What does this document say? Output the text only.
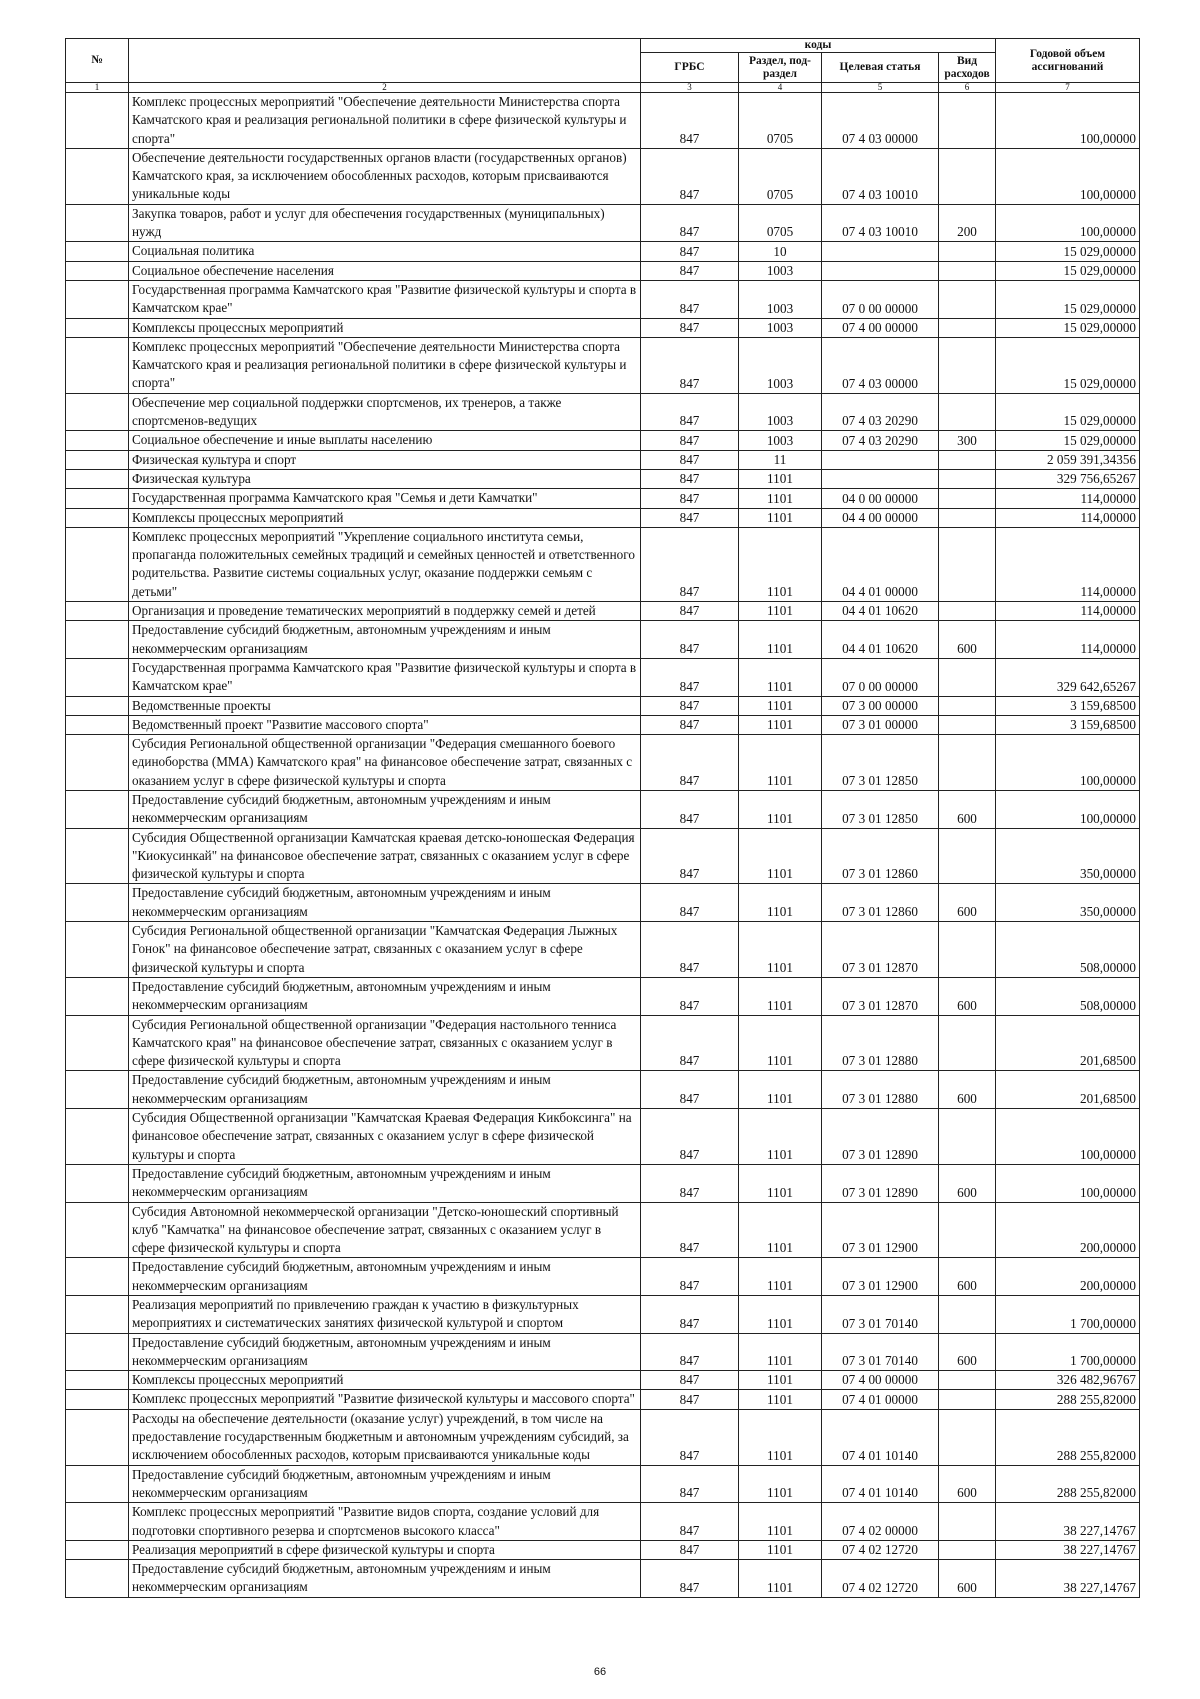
№		коды				Годовой объем ассигнований
		ГРБС	Раздел, под-раздел	Целевая статья	Вид расходов	
1	2	3	4	5	6	7
	Комплекс процессных мероприятий "Обеспечение деятельности Министерства спорта Камчатского края и реализация региональной политики в сфере физической культуры и спорта"	847	0705	07 4 03 00000		100,00000
	Обеспечение деятельности государственных органов власти (государственных органов) Камчатского края, за исключением обособленных расходов, которым присваиваются уникальные коды	847	0705	07 4 03 10010		100,00000
	Закупка товаров, работ и услуг для обеспечения государственных (муниципальных) нужд	847	0705	07 4 03 10010	200	100,00000
	Социальная политика	847	10			15 029,00000
	Социальное обеспечение населения	847	1003			15 029,00000
	Государственная программа Камчатского края "Развитие физической культуры и спорта в Камчатском крае"	847	1003	07 0 00 00000		15 029,00000
	Комплексы процессных мероприятий	847	1003	07 4 00 00000		15 029,00000
	Комплекс процессных мероприятий "Обеспечение деятельности Министерства спорта Камчатского края и реализация региональной политики в сфере физической культуры и спорта"	847	1003	07 4 03 00000		15 029,00000
	Обеспечение мер социальной поддержки спортсменов, их тренеров, а также спортсменов-ведущих	847	1003	07 4 03 20290		15 029,00000
	Социальное обеспечение и иные выплаты населению	847	1003	07 4 03 20290	300	15 029,00000
	Физическая культура и спорт	847	11			2 059 391,34356
	Физическая культура	847	1101			329 756,65267
	Государственная программа Камчатского края "Семья и дети Камчатки"	847	1101	04 0 00 00000		114,00000
	Комплексы процессных мероприятий	847	1101	04 4 00 00000		114,00000
	Комплекс процессных мероприятий "Укрепление социального института семьи, пропаганда положительных семейных традиций и семейных ценностей и ответственного родительства. Развитие системы социальных услуг, оказание поддержки семьям с детьми"	847	1101	04 4 01 00000		114,00000
	Организация и проведение тематических мероприятий в поддержку семей и детей	847	1101	04 4 01 10620		114,00000
	Предоставление субсидий бюджетным, автономным учреждениям и иным некоммерческим организациям	847	1101	04 4 01 10620	600	114,00000
	Государственная программа Камчатского края "Развитие физической культуры и спорта в Камчатском крае"	847	1101	07 0 00 00000		329 642,65267
	Ведомственные проекты	847	1101	07 3 00 00000		3 159,68500
	Ведомственный проект "Развитие массового спорта"	847	1101	07 3 01 00000		3 159,68500
	Субсидия Региональной общественной организации "Федерация смешанного боевого единоборства (ММА) Камчатского края" на финансовое обеспечение затрат, связанных с оказанием услуг в сфере физической культуры и спорта	847	1101	07 3 01 12850		100,00000
	Предоставление субсидий бюджетным, автономным учреждениям и иным некоммерческим организациям	847	1101	07 3 01 12850	600	100,00000
	Субсидия Общественной организации Камчатская краевая детско-юношеская Федерация "Киокусинкай" на финансовое обеспечение затрат, связанных с оказанием услуг в сфере физической культуры и спорта	847	1101	07 3 01 12860		350,00000
	Предоставление субсидий бюджетным, автономным учреждениям и иным некоммерческим организациям	847	1101	07 3 01 12860	600	350,00000
	Субсидия Региональной общественной организации "Камчатская Федерация Лыжных Гонок" на финансовое обеспечение затрат, связанных с оказанием услуг в сфере физической культуры и спорта	847	1101	07 3 01 12870		508,00000
	Предоставление субсидий бюджетным, автономным учреждениям и иным некоммерческим организациям	847	1101	07 3 01 12870	600	508,00000
	Субсидия Региональной общественной организации "Федерация настольного тенниса Камчатского края" на финансовое обеспечение затрат, связанных с оказанием услуг в сфере физической культуры и спорта	847	1101	07 3 01 12880		201,68500
	Предоставление субсидий бюджетным, автономным учреждениям и иным некоммерческим организациям	847	1101	07 3 01 12880	600	201,68500
	Субсидия Общественной организации "Камчатская Краевая Федерация Кикбоксинга" на финансовое обеспечение затрат, связанных с оказанием услуг в сфере физической культуры и спорта	847	1101	07 3 01 12890		100,00000
	Предоставление субсидий бюджетным, автономным учреждениям и иным некоммерческим организациям	847	1101	07 3 01 12890	600	100,00000
	Субсидия Автономной некоммерческой организации "Детско-юношеский спортивный клуб "Камчатка" на финансовое обеспечение затрат, связанных с оказанием услуг в сфере физической культуры и спорта	847	1101	07 3 01 12900		200,00000
	Предоставление субсидий бюджетным, автономным учреждениям и иным некоммерческим организациям	847	1101	07 3 01 12900	600	200,00000
	Реализация мероприятий по привлечению граждан к участию в физкультурных мероприятиях и систематических занятиях физической культурой и спортом	847	1101	07 3 01 70140		1 700,00000
	Предоставление субсидий бюджетным, автономным учреждениям и иным некоммерческим организациям	847	1101	07 3 01 70140	600	1 700,00000
	Комплексы процессных мероприятий	847	1101	07 4 00 00000		326 482,96767
	Комплекс процессных мероприятий "Развитие физической культуры и массового спорта"	847	1101	07 4 01 00000		288 255,82000
	Расходы на обеспечение деятельности (оказание услуг) учреждений, в том числе на предоставление государственным бюджетным и автономным учреждениям субсидий, за исключением обособленных расходов, которым присваиваются уникальные коды	847	1101	07 4 01 10140		288 255,82000
	Предоставление субсидий бюджетным, автономным учреждениям и иным некоммерческим организациям	847	1101	07 4 01 10140	600	288 255,82000
	Комплекс процессных мероприятий "Развитие видов спорта, создание условий для подготовки спортивного резерва и спортсменов высокого класса"	847	1101	07 4 02 00000		38 227,14767
	Реализация мероприятий в сфере физической культуры и спорта	847	1101	07 4 02 12720		38 227,14767
	Предоставление субсидий бюджетным, автономным учреждениям и иным некоммерческим организациям	847	1101	07 4 02 12720	600	38 227,14767
66
